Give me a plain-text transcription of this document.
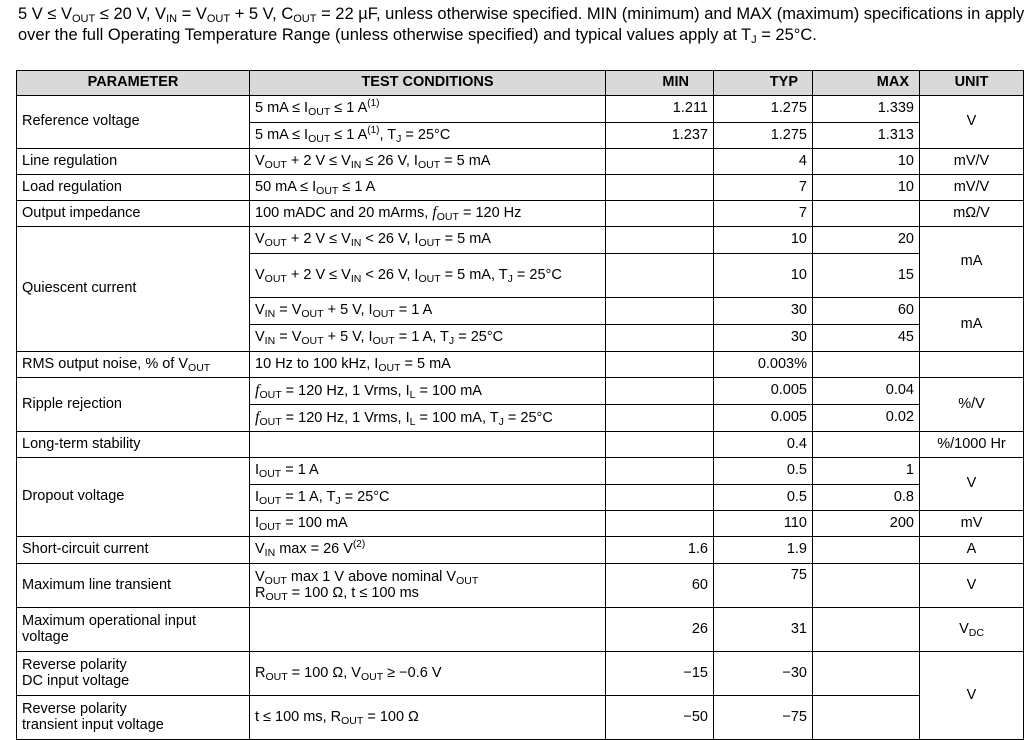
5 $V \le V_{OUT} \le 20$ V, $V_{IN} = V_{OUT} + 5$ V, $C_{OUT} = 22$ µF, unless otherwise specified. MIN (minimum) and MAX (maximum) specifications in apply over the full Operating Temperature Range (unless otherwise specified) and typical values apply at $T_J = 25^\circ C$.
PARAMETER	TEST CONDITIONS	MIN	TYP	MAX	UNIT
Reference voltage	5 mA ≤ $I_{OUT} \le 1$ $A^{(1)}$	1.211	1.275	1.339	V
	5 mA ≤ $I_{OUT} \le 1$ $A^{(1)}$, $T_J = 25^\circ C$	1.237	1.275	1.313	
Line regulation	$V_{OUT} + 2$ $V \le V_{IN} \le 26$ V, $I_{OUT} = 5$ mA		4	10	mV/V
Load regulation	50 mA ≤ $I_{OUT} \le 1$ A		7	10	mV/V
Output impedance	100 mADC and 20 mArms, $f_{OUT} = 120$ Hz		7		mΩ/V
Quiescent current	$V_{OUT} + 2$ $V \le V_{IN} < 26$ V, $I_{OUT} = 5$ mA		10	20	mA
	$V_{OUT} + 2$ $V \le V_{IN} < 26$ V, $I_{OUT} = 5$ mA, $T_J = 25^\circ C$		10	15	
	$V_{IN} = V_{OUT} + 5$ V, $I_{OUT} = 1$ A		30	60	mA
	$V_{IN} = V_{OUT} + 5$ V, $I_{OUT} = 1$ A, $T_J = 25^\circ C$		30	45	
RMS output noise, % of $V_{OUT}$	10 Hz to 100 kHz, $I_{OUT} = 5$ mA		0.003%		
Ripple rejection	$f_{OUT} = 120$ Hz, 1 Vrms, $I_L = 100$ mA		0.005	0.04	%/V
	$f_{OUT} = 120$ Hz, 1 Vrms, $I_L = 100$ mA, $T_J = 25^\circ C$		0.005	0.02	
Long-term stability			0.4		%/1000 Hr
Dropout voltage	$I_{OUT} = 1$ A		0.5	1	V
	$I_{OUT} = 1$ A, $T_J = 25^\circ C$		0.5	0.8	
	$I_{OUT} = 100$ mA		110	200	mV
Short-circuit current	$V_{IN}$ max = 26 $V^{(2)}$	1.6	1.9		A
Maximum line transient	$V_{OUT}$ max 1 V above nominal $V_{OUT}$
$R_{OUT} = 100$ Ω, t ≤ 100 ms	60	75		V
Maximum operational input
voltage		26	31		$V_{DC}$
Reverse polarity
DC input voltage	$R_{OUT} = 100$ Ω, $V_{OUT} \ge -0.6$ V	−15	−30		V
Reverse polarity
transient input voltage	t ≤ 100 ms, $R_{OUT} = 100$ Ω	−50	−75		
